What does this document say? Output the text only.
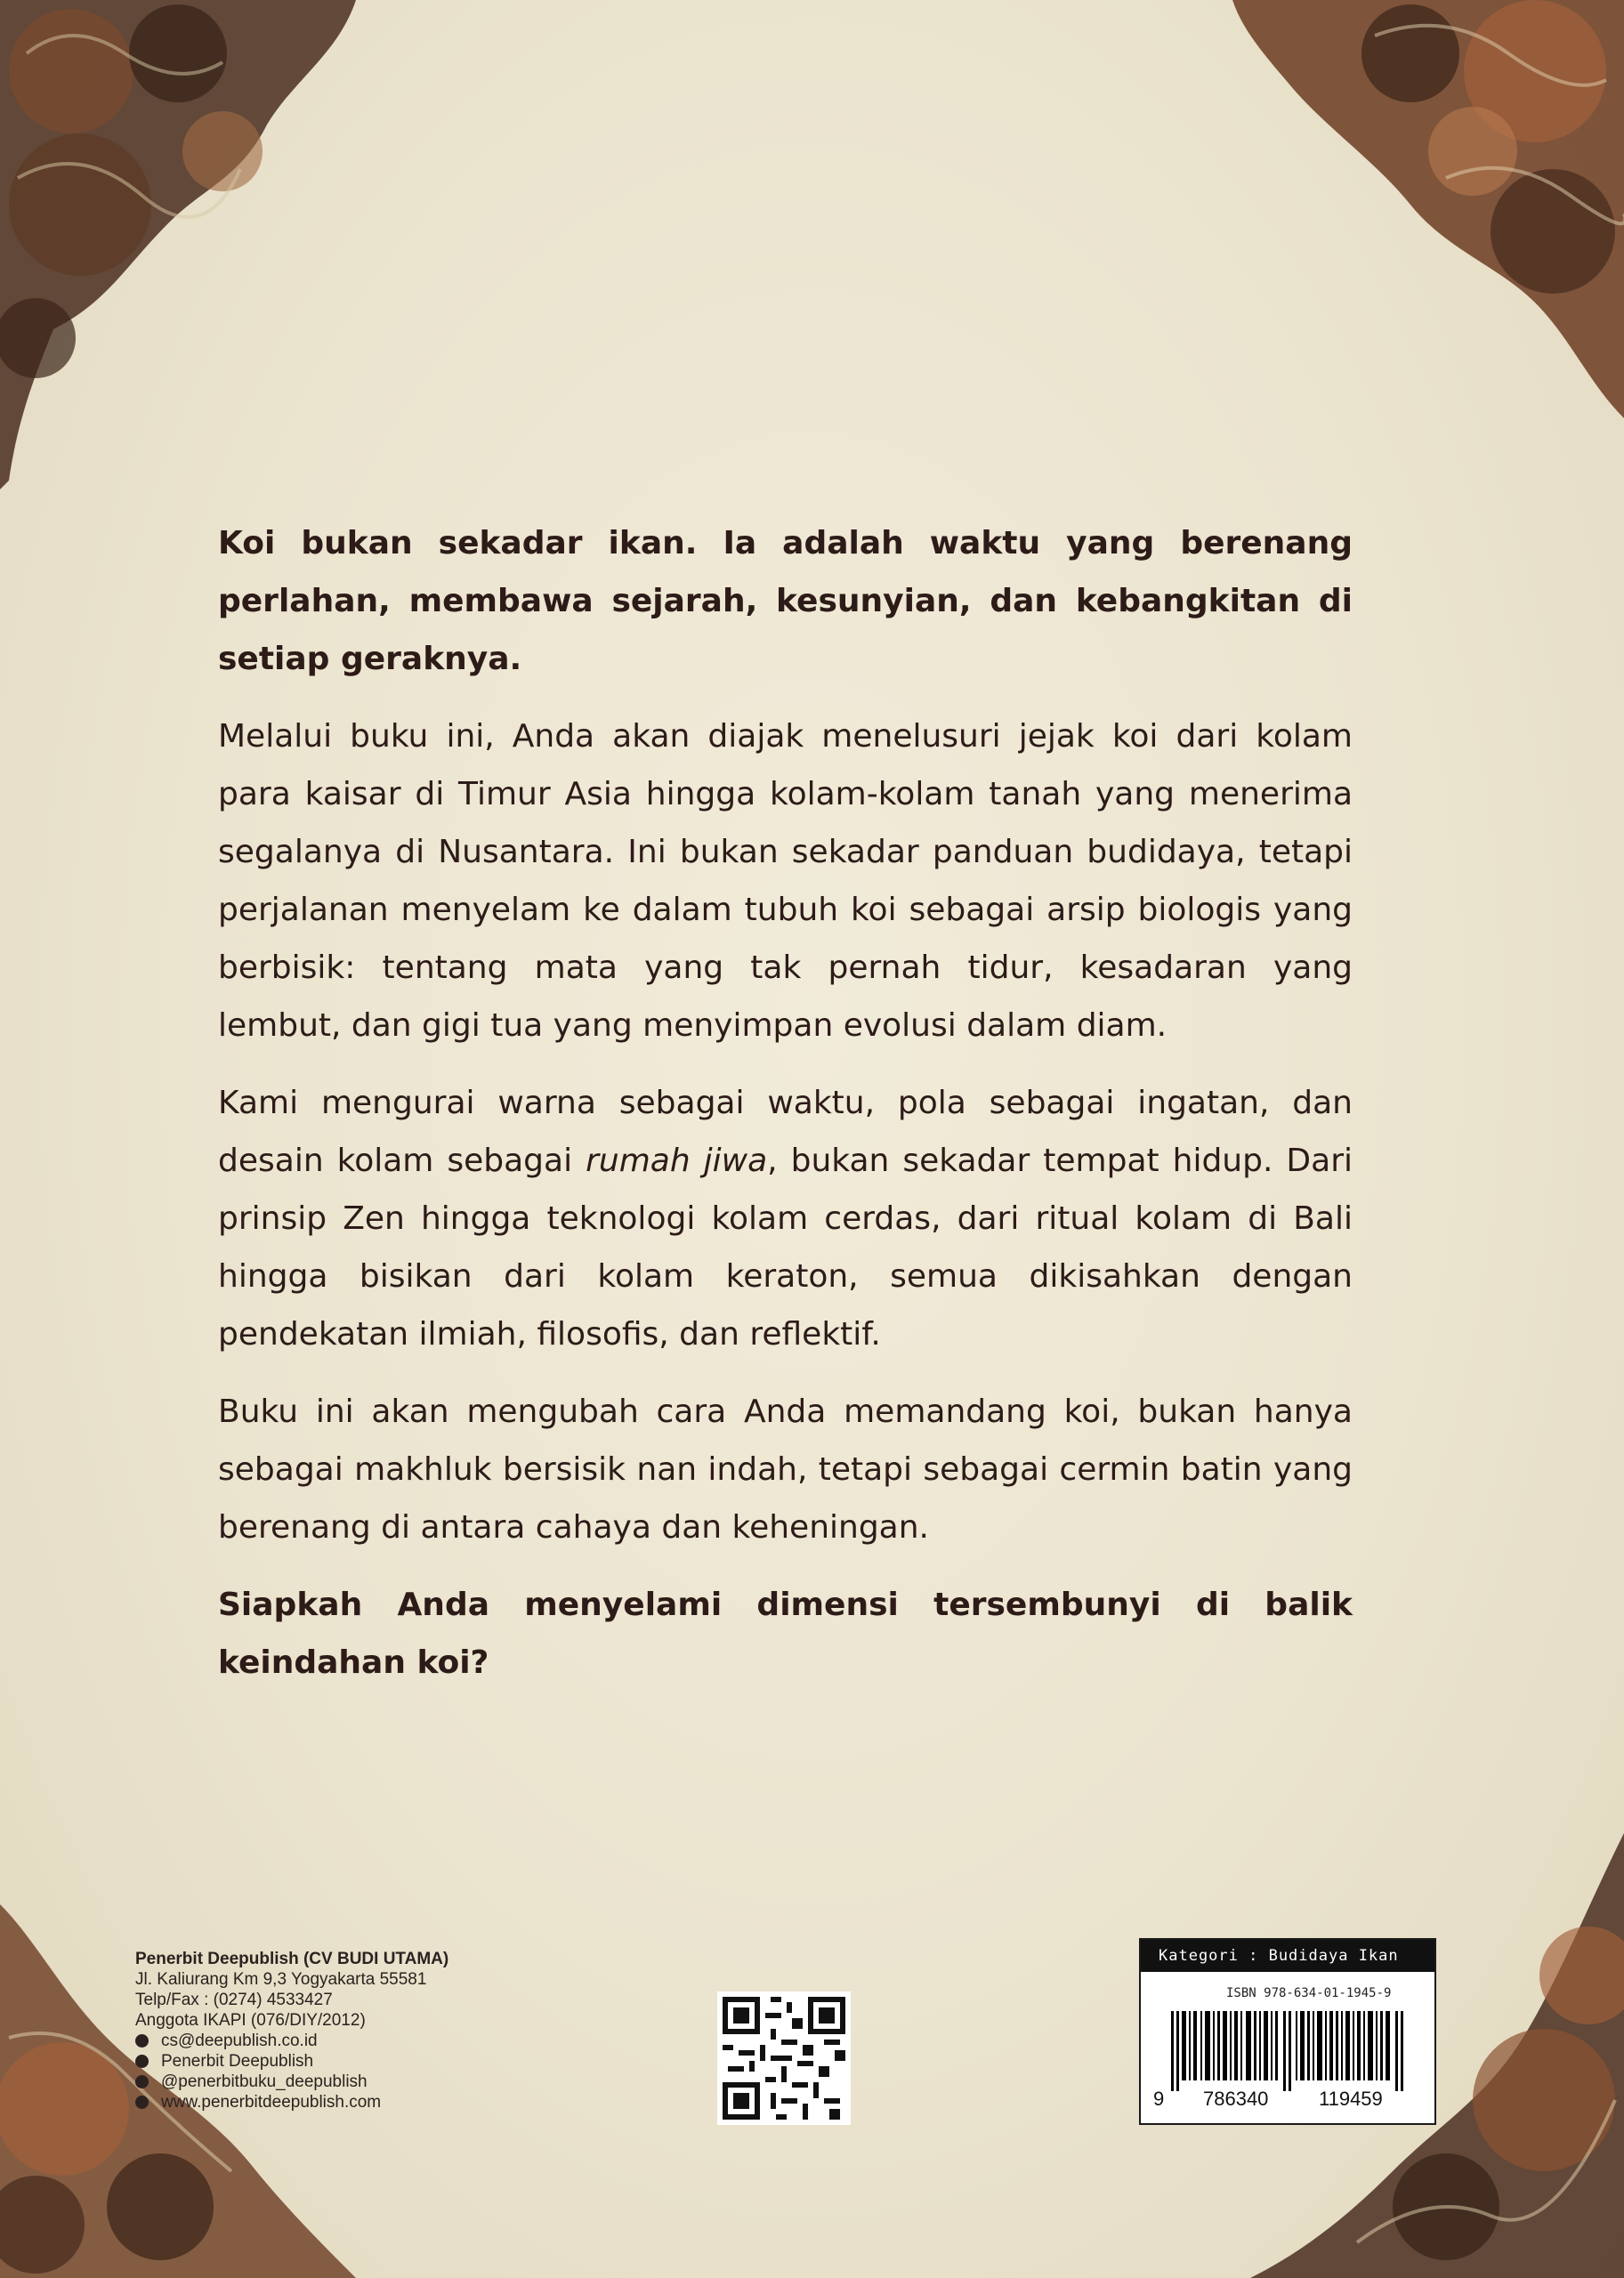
Koi bukan sekadar ikan. Ia adalah waktu yang berenang perlahan, membawa sejarah, kesunyian, dan kebangkitan di setiap geraknya.

Melalui buku ini, Anda akan diajak menelusuri jejak koi dari kolam para kaisar di Timur Asia hingga kolam-kolam tanah yang menerima segalanya di Nusantara. Ini bukan sekadar panduan budidaya, tetapi perjalanan menyelam ke dalam tubuh koi sebagai arsip biologis yang berbisik: tentang mata yang tak pernah tidur, kesadaran yang lembut, dan gigi tua yang menyimpan evolusi dalam diam.

Kami mengurai warna sebagai waktu, pola sebagai ingatan, dan desain kolam sebagai rumah jiwa, bukan sekadar tempat hidup. Dari prinsip Zen hingga teknologi kolam cerdas, dari ritual kolam di Bali hingga bisikan dari kolam keraton, semua dikisahkan dengan pendekatan ilmiah, filosofis, dan reflektif.

Buku ini akan mengubah cara Anda memandang koi, bukan hanya sebagai makhluk bersisik nan indah, tetapi sebagai cermin batin yang berenang di antara cahaya dan keheningan.

Siapkah Anda menyelami dimensi tersembunyi di balik keindahan koi?

Penerbit Deepublish (CV BUDI UTAMA)
Jl. Kaliurang Km 9,3 Yogyakarta 55581
Telp/Fax : (0274) 4533427
Anggota IKAPI (076/DIY/2012)
cs@deepublish.co.id
Penerbit Deepublish
@penerbitbuku_deepublish
www.penerbitdeepublish.com
Kategori : Budidaya Ikan
ISBN 978-634-01-1945-9
9 786340	119459
